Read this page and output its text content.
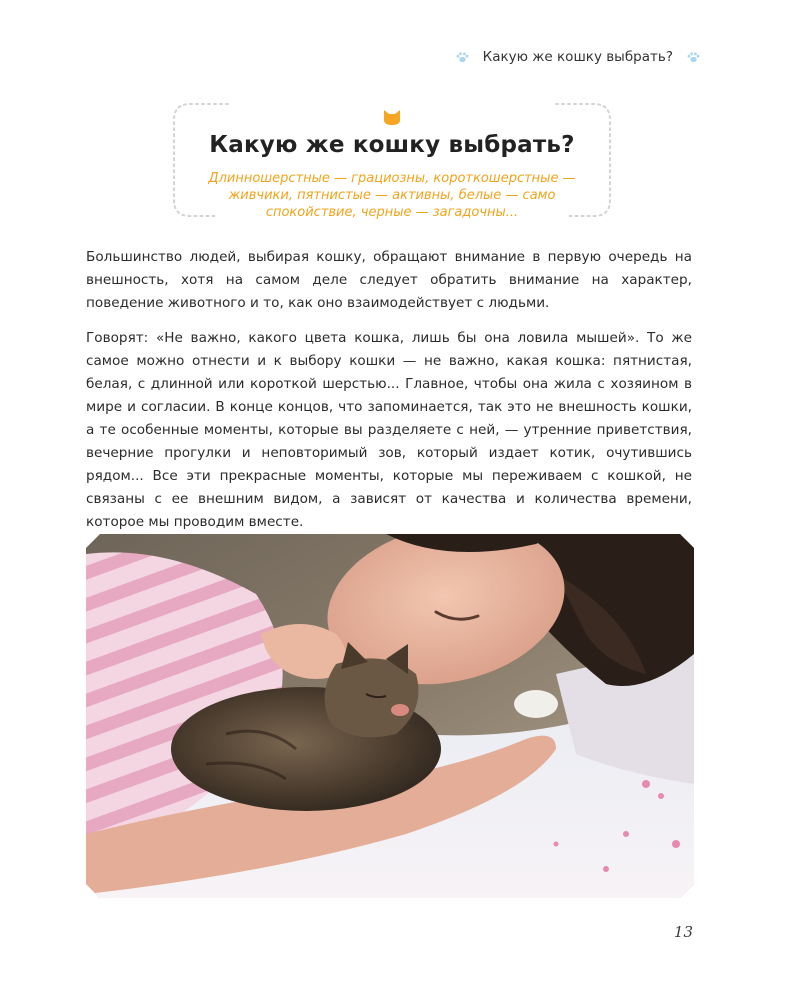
Какую же кошку выбрать?
Какую же кошку выбрать?
Длинношерстные — грациозны, короткошерстные —
живчики, пятнистые — активны, белые — само
спокойствие, черные — загадочны...

Большинство людей, выбирая кошку, обращают внимание в первую очередь на внешность, хотя на самом деле следует обратить внимание на характер, поведение животного и то, как оно взаимодействует с людьми.

Говорят: «Не важно, какого цвета кошка, лишь бы она ловила мышей». То же самое можно отнести и к выбору кошки — не важно, какая кошка: пятнистая, белая, с длинной или короткой шерстью... Главное, чтобы она жила с хозяином в мире и согласии. В конце концов, что запоминается, так это не внешность кошки, а те особенные моменты, которые вы разделяете с ней, — утренние приветствия, вечерние прогулки и неповторимый зов, который издает котик, очутившись рядом... Все эти прекрасные моменты, которые мы переживаем с кошкой, не связаны с ее внешним видом, а зависят от качества и количества времени, которое мы проводим вместе.

13
